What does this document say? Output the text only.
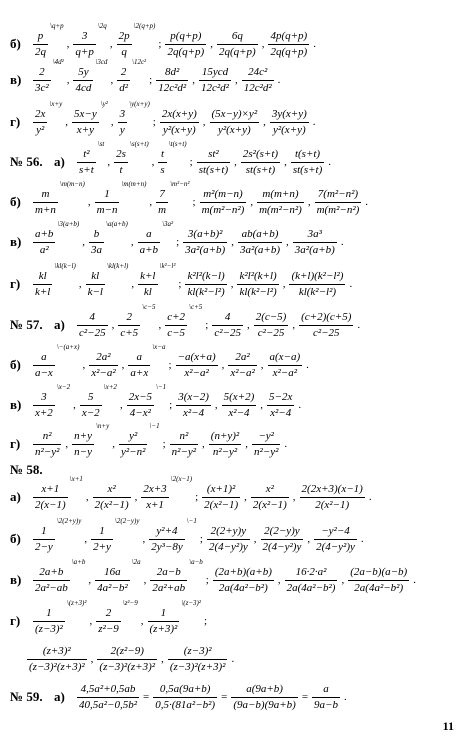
$б) \frac{p}{2q}$
\q+p
, $\frac{3}{q+p}$
\2q
, $\frac{2p}{q}$
\2(q+p)
; $\frac{p(q+p)}{2q(q+p)}$ , $\frac{6q}{2q(q+p)}$ , $\frac{4p(q+p)}{2q(q+p)}$ .
$в) \frac{2}{\text{3c²}}$
\4d²
, $\frac{5y}{4cd}$
\3cd
, $\frac{2}{\text{d²}}$
\12c²
; $\frac{\text{8d²}}{\text{12c²d²}}$ , $\frac{\text{15ycd}}{\text{12c²d²}}$ , $\frac{\text{24c²}}{\text{12c²d²}}$ .
$г) \frac{2x}{\text{y²}}$
\x+y
, $\frac{5x-y}{x+y}$
\y²
, $\frac{3}{y}$
\y(x+y)
; $\frac{2x(x+y)}{\text{y²(x+y)}}$ , $\frac{\text{(5x−y)×y²}}{\text{y²(x+y)}}$ , $\frac{3y(x+y)}{\text{y²(x+y)}}$ .
№ 56. $а) \frac{\text{t²}}{s+t}$
\st
, $\frac{2s}{t}$
\s(s+t)
, $\frac{t}{s}$
\t(s+t)
; $\frac{\text{st²}}{st(s+t)}$ , $\frac{\text{2s²(s+t)}}{st(s+t)}$ , $\frac{t(s+t)}{st(s+t)}$ .
$б) \frac{m}{m+n}$
\m(m−n)
, $\frac{1}{m-n}$
\m(m+n)
, $\frac{7}{m}$
\m²−n²
; $\frac{\text{m²(m−n)}}{\text{m(m²−n²)}}$ , $\frac{m(m+n)}{\text{m(m²−n²)}}$ , $\frac{\text{7(m²−n²)}}{\text{m(m²−n²)}}$ .
$в) \frac{a+b}{\text{a²}}$
\3(a+b)
, $\frac{b}{3a}$
\a(a+b)
, $\frac{a}{a+b}$
\3a²
; $\frac{\text{3(a+b)²}}{\text{3a²(a+b)}}$ , $\frac{ab(a+b)}{\text{3a²(a+b)}}$ , $\frac{\text{3a³}}{\text{3a²(a+b)}}$ .
$г) \frac{kl}{k+l}$
\kl(k−l)
, $\frac{kl}{k-l}$
\kl(k+l)
, $\frac{k+l}{kl}$
\k²−l²
; $\frac{\text{k²l²(k−l)}}{\text{kl(k²−l²)}}$ , $\frac{\text{k²l²(k+l)}}{\text{kl(k²−l²)}}$ , $\frac{\text{(k+l)(k²−l²)}}{\text{kl(k²−l²)}}$ .
№ 57. $а) \frac{4}{\text{c²−25}}$ , $\frac{2}{c+5}$
\c−5
, $\frac{c+2}{c-5}$
\c+5
; $\frac{4}{\text{c²−25}}$ , $\frac{2(c-5)}{\text{c²−25}}$ , $\frac{(c+2)(c+5)}{\text{c²−25}}$ .
$б) \frac{a}{a-x}$
\−(a+x)
, $\frac{\text{2a²}}{\text{x²−a²}}$ , $\frac{a}{a+x}$
\x−a
; $\frac{-a(x+a)}{\text{x²−a²}}$ , $\frac{\text{2a²}}{\text{x²−a²}}$ , $\frac{a(x-a)}{\text{x²−a²}}$ .
$в) \frac{3}{x+2}$
\x−2
, $\frac{5}{x-2}$
\x+2
, $\frac{2x-5}{\text{4−x²}}$
\−1
; $\frac{3(x-2)}{\text{x²−4}}$ , $\frac{5(x+2)}{\text{x²−4}}$ , $\frac{5-2x}{\text{x²−4}}$ .
$г) \frac{\text{n²}}{\text{n²−y²}}$ , $\frac{n+y}{n-y}$
\n+y
, $\frac{\text{y²}}{\text{y²−n²}}$
\−1
; $\frac{\text{n²}}{\text{n²−y²}}$ , $\frac{\text{(n+y)²}}{\text{n²−y²}}$ , $\frac{\text{−y²}}{\text{n²−y²}}$ .
№ 58.
$а) \frac{x+1}{2(x-1)}$
\x+1
, $\frac{\text{x²}}{\text{2(x²−1)}}$ , $\frac{2x+3}{x+1}$
\2(x−1)
; $\frac{\text{(x+1)²}}{\text{2(x²−1)}}$ , $\frac{\text{x²}}{\text{2(x²−1)}}$ , $\frac{2(2x+3)(x-1)}{\text{2(x²−1)}}$ .
$б) \frac{1}{2-y}$
\2(2+y)y
, $\frac{1}{2+y}$
\2(2−y)y
, $\frac{\text{y²+4}}{\text{2y³−8y}}$
\−1
; $\frac{2(2+y)y}{\text{2(4−y²)y}}$ , $\frac{2(2-y)y}{\text{2(4−y²)y}}$ , $\frac{\text{−y²−4}}{\text{2(4−y²)y}}$ .
$в) \frac{2a+b}{\text{2a²−ab}}$
\a+b
, $\frac{16a}{\text{4a²−b²}}$
\2a
, $\frac{2a-b}{\text{2a²+ab}}$
\a−b
; $\frac{(2a+b)(a+b)}{\text{2a(4a²−b²)}}$ , $\frac{\text{16·2·a²}}{\text{2a(4a²−b²)}}$ , $\frac{(2a-b)(a-b)}{\text{2a(4a²−b²)}}$ .
$г) \frac{1}{\text{(z−3)²}}$
\(z+3)²
, $\frac{2}{\text{z²−9}}$
\z²−9
, $\frac{1}{\text{(z+3)²}}$
\(z−3)²
;
$\frac{\text{(z+3)²}}{\text{(z−3)²(z+3)²}}$ , $\frac{\text{2(z²−9)}}{\text{(z−3)²(z+3)²}}$ , $\frac{\text{(z−3)²}}{\text{(z−3)²(z+3)²}}$ .
№ 59. $а) \frac{\text{4,5a²+0,5ab}}{\text{40,5a²−0,5b²}} = \frac{0,5a(9a+b)}{\text{0,5·(81a²−b²)}} = \frac{a(9a+b)}{(9a-b)(9a+b)} = \frac{a}{9a-b}$ .
11
